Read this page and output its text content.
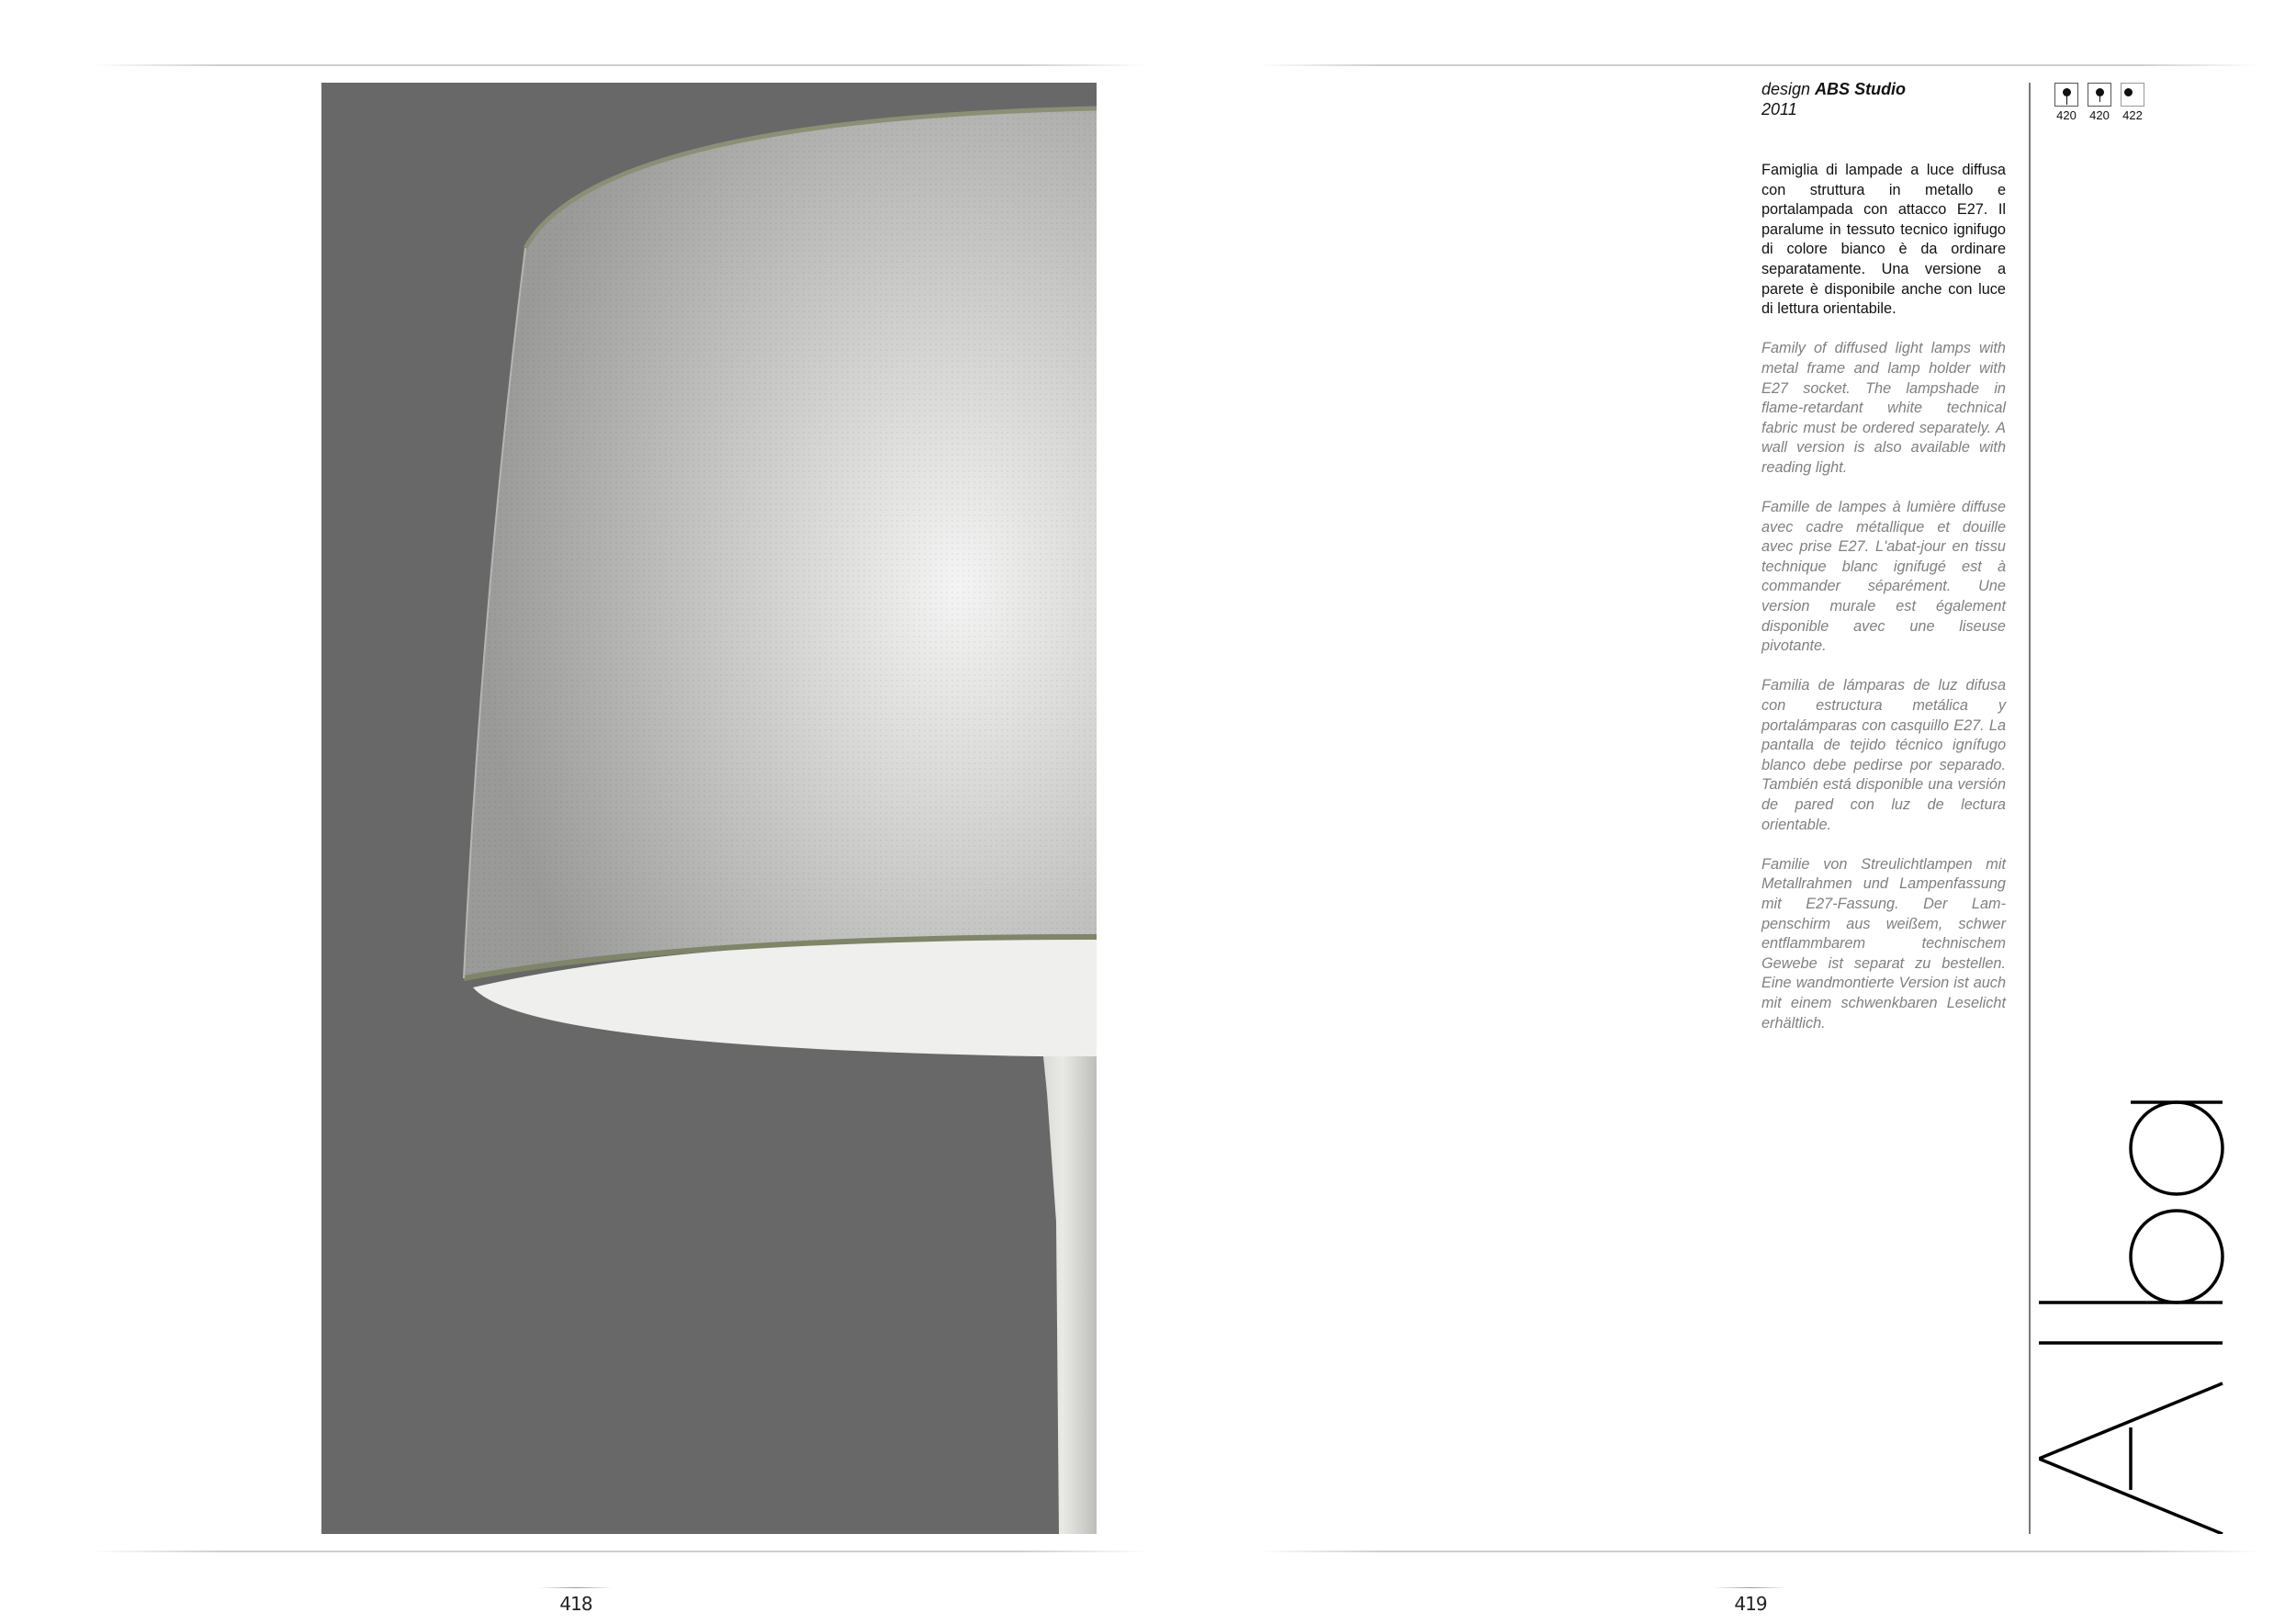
418	419
design ABS Studio
2011

Famiglia di lampade a luce diffusa con struttura in metallo e portalampada con attacco E27. Il paralume in tessuto tecnico ignifugo di colore bianco è da ordinare separatamente. Una versione a parete è disponibile anche con luce di lettura orientabile.

Family of diffused light lamps with metal frame and lamp holder with E27 socket. The lampshade in flame-retardant white technical fabric must be ordered separately. A wall version is also available with reading light.

Famille de lampes à lumière diffuse avec cadre métallique et douille avec prise E27. L'abat-jour en tissu technique blanc ignifugé est à commander séparément. Une version murale est également disponible avec une liseuse pivotante.

Familia de lámparas de luz difusa con estructura metálica y portalámparas con casquillo E27. La pantalla de tejido técnico ignífugo blanco debe pedirse por separado. También está disponible una versión de pared con luz de lectura orientable.

Familie von Streulichtlampen mit Metallrahmen und Lampenfassung mit E27-Fassung. Der Lampenschirm aus weißem, schwer entflammbarem technischem Gewebe ist separat zu bestellen. Eine wandmontierte Version ist auch mit einem schwenkbaren Leselicht erhältlich.

420	420	422
